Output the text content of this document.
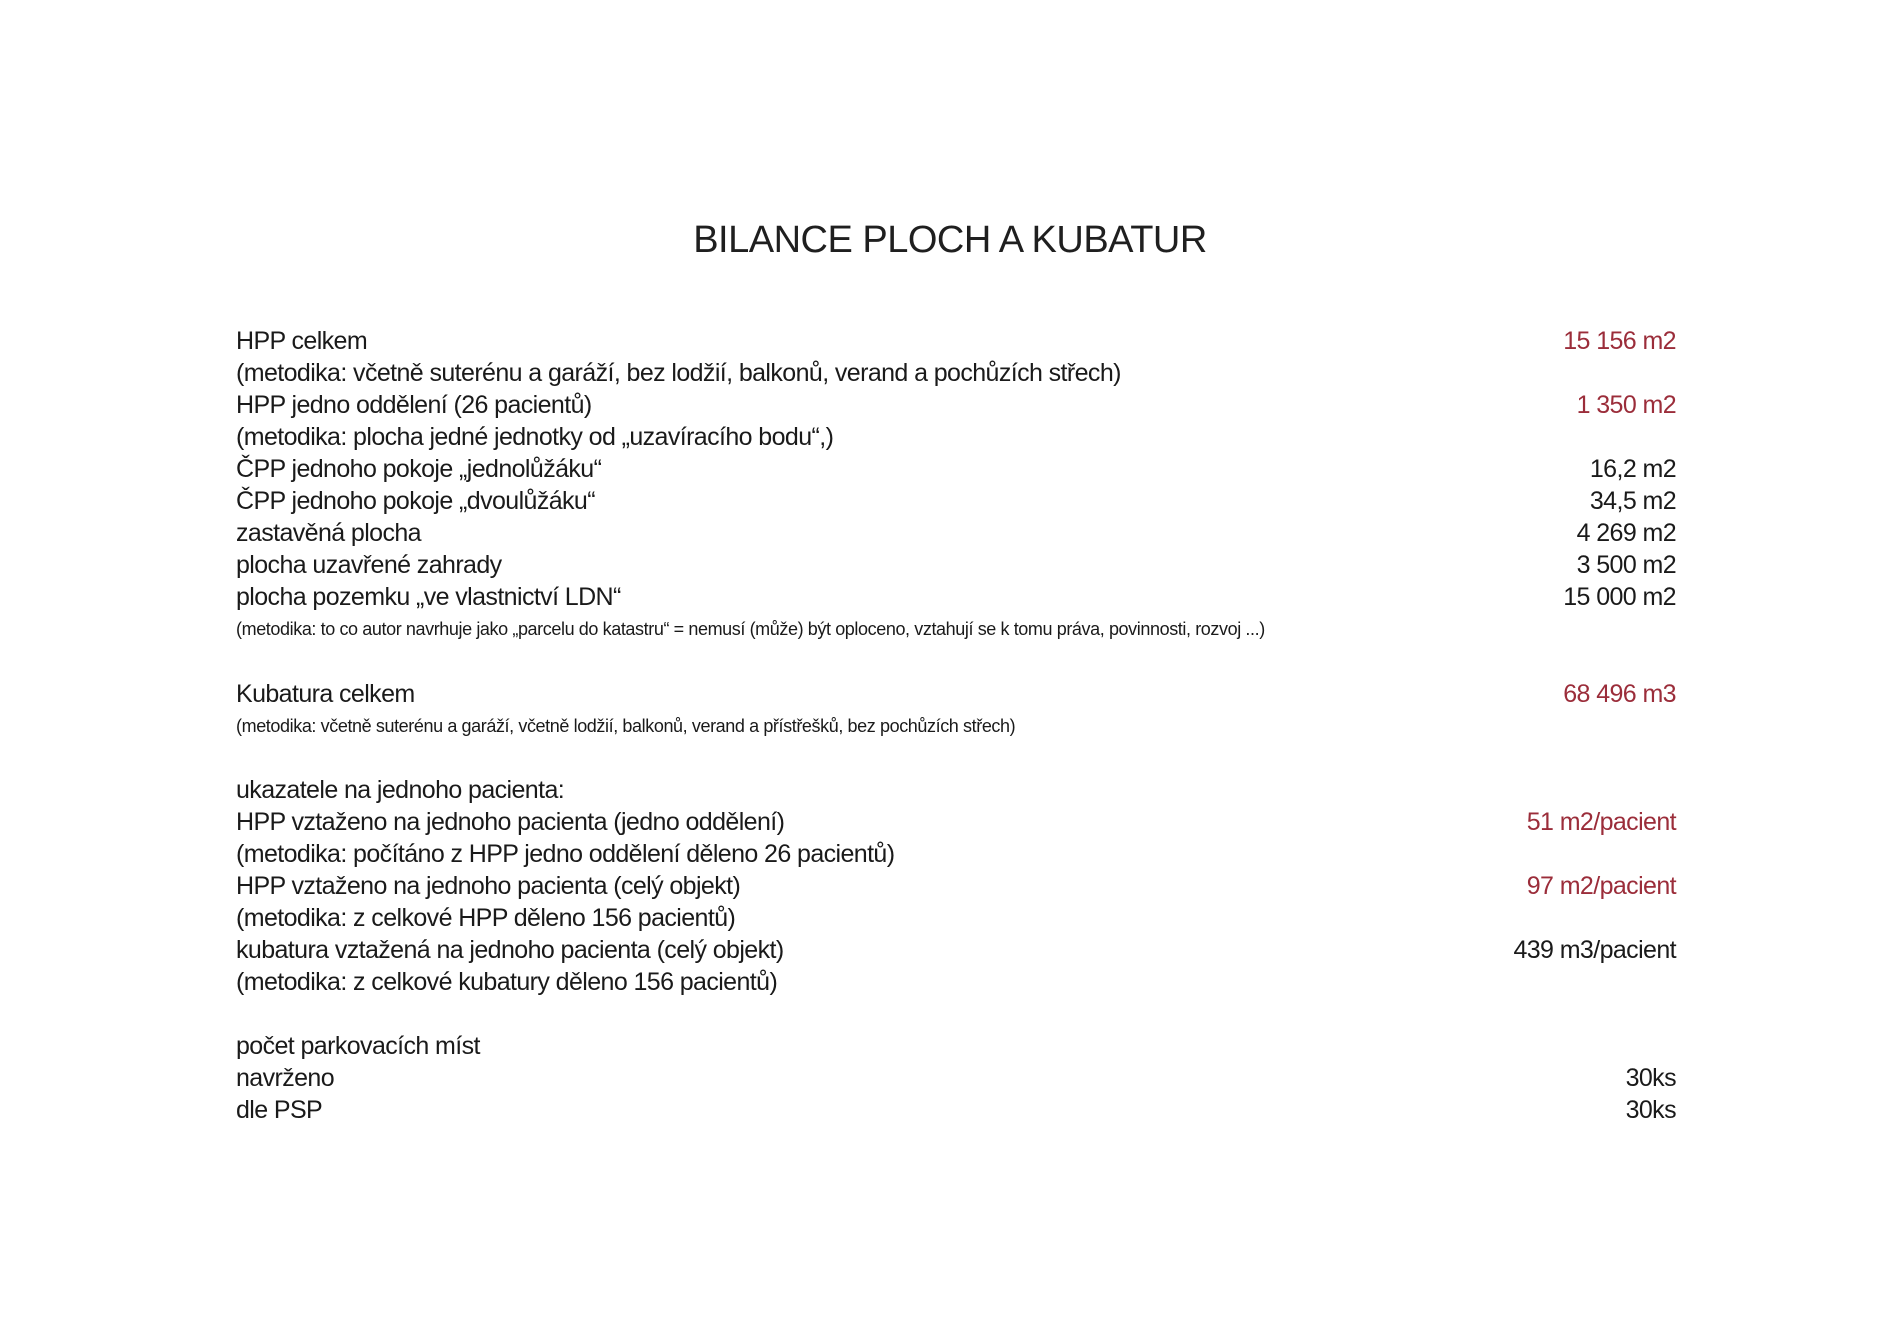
BILANCE PLOCH A KUBATUR
HPP celkem	15 156 m2
(metodika: včetně suterénu a garáží, bez lodžií, balkonů, verand a pochůzích střech)
HPP jedno oddělení (26 pacientů)	1 350 m2
(metodika: plocha jedné jednotky od „uzavíracího bodu“,)
ČPP jednoho pokoje „jednolůžáku“	16,2 m2
ČPP jednoho pokoje „dvoulůžáku“	34,5 m2
zastavěná plocha	4 269 m2
plocha uzavřené zahrady	3 500 m2
plocha pozemku „ve vlastnictví LDN“	15 000 m2
(metodika: to co autor navrhuje jako „parcelu do katastru“ = nemusí (může) být oploceno, vztahují se k tomu práva, povinnosti, rozvoj ...)
Kubatura celkem	68 496 m3
(metodika: včetně suterénu a garáží, včetně lodžií, balkonů, verand a přístřešků, bez pochůzích střech)
ukazatele na jednoho pacienta:
HPP vztaženo na jednoho pacienta (jedno oddělení)	51 m2/pacient
(metodika: počítáno z HPP jedno oddělení děleno 26 pacientů)
HPP vztaženo na jednoho pacienta (celý objekt)	97 m2/pacient
(metodika: z celkové HPP děleno 156 pacientů)
kubatura vztažená na jednoho pacienta (celý objekt)	439 m3/pacient
(metodika: z celkové kubatury děleno 156 pacientů)
počet parkovacích míst
navrženo	30ks
dle PSP	30ks
